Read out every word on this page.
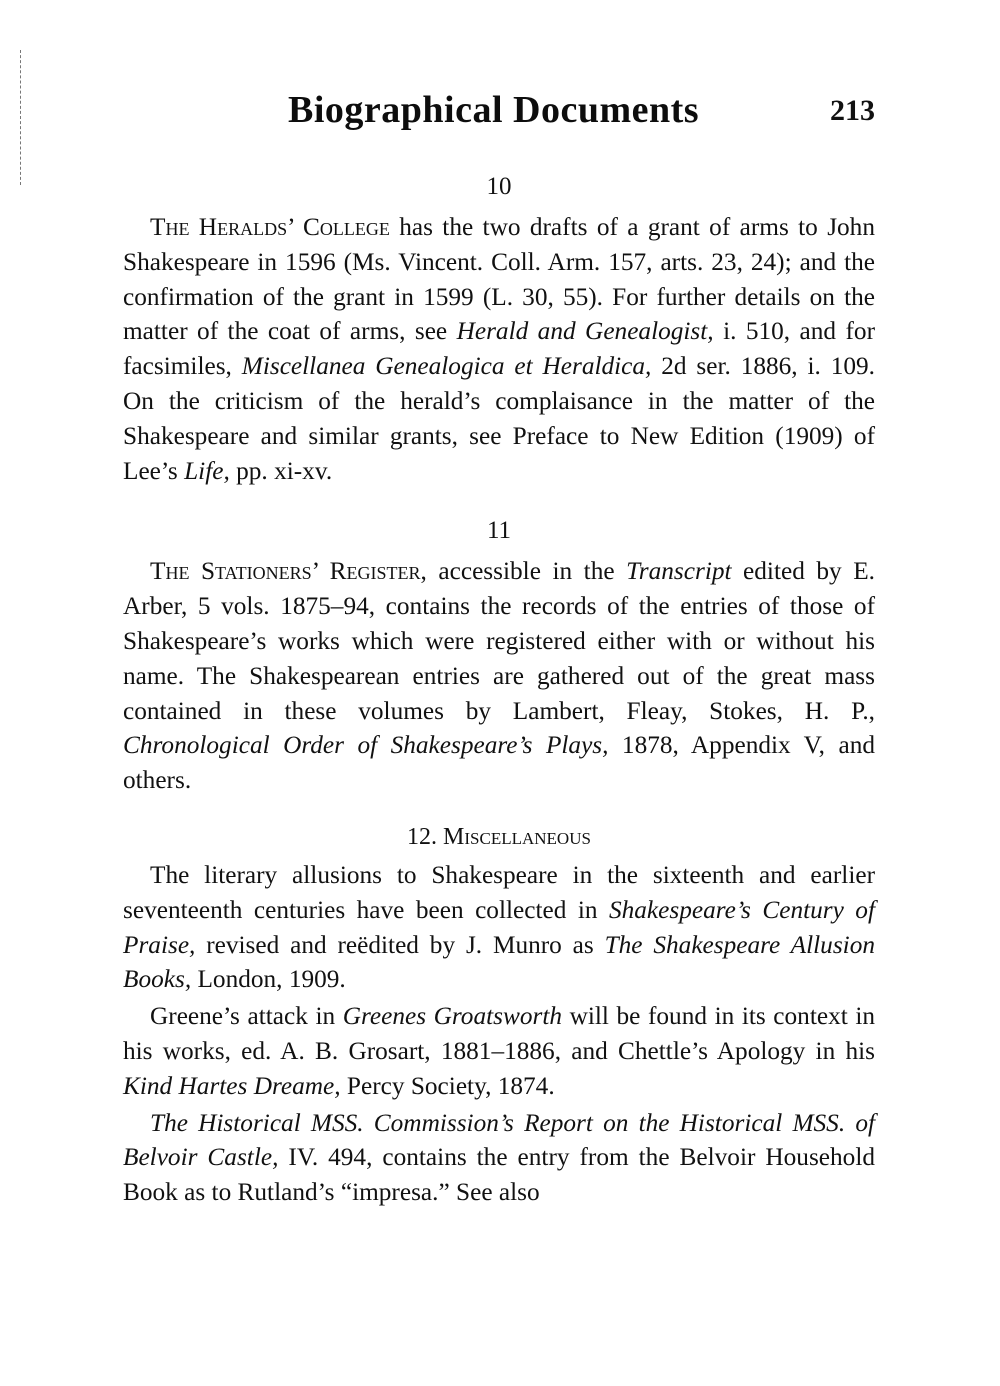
Biographical Documents	213
10

The Heralds’ College has the two drafts of a grant of arms to John Shakespeare in 1596 (Ms. Vincent. Coll. Arm. 157, arts. 23, 24); and the confirmation of the grant in 1599 (L. 30, 55). For further details on the matter of the coat of arms, see Herald and Genealogist, i. 510, and for facsimiles, Miscellanea Genealogica et Heraldica, 2d ser. 1886, i. 109. On the criticism of the herald’s complaisance in the matter of the Shakespeare and similar grants, see Preface to New Edition (1909) of Lee’s Life, pp. xi-xv.

11

The Stationers’ Register, accessible in the Transcript edited by E. Arber, 5 vols. 1875–94, contains the records of the entries of those of Shakespeare’s works which were registered either with or without his name. The Shakespearean entries are gathered out of the great mass contained in these volumes by Lambert, Fleay, Stokes, H. P., Chronological Order of Shakespeare’s Plays, 1878, Appendix V, and others.

12. Miscellaneous

The literary allusions to Shakespeare in the sixteenth and earlier seventeenth centuries have been collected in Shakespeare’s Century of Praise, revised and reëdited by J. Munro as The Shakespeare Allusion Books, London, 1909.

Greene’s attack in Greenes Groatsworth will be found in its context in his works, ed. A. B. Grosart, 1881–1886, and Chettle’s Apology in his Kind Hartes Dreame, Percy Society, 1874.

The Historical MSS. Commission’s Report on the Historical MSS. of Belvoir Castle, IV. 494, contains the entry from the Belvoir Household Book as to Rutland’s “impresa.” See also
